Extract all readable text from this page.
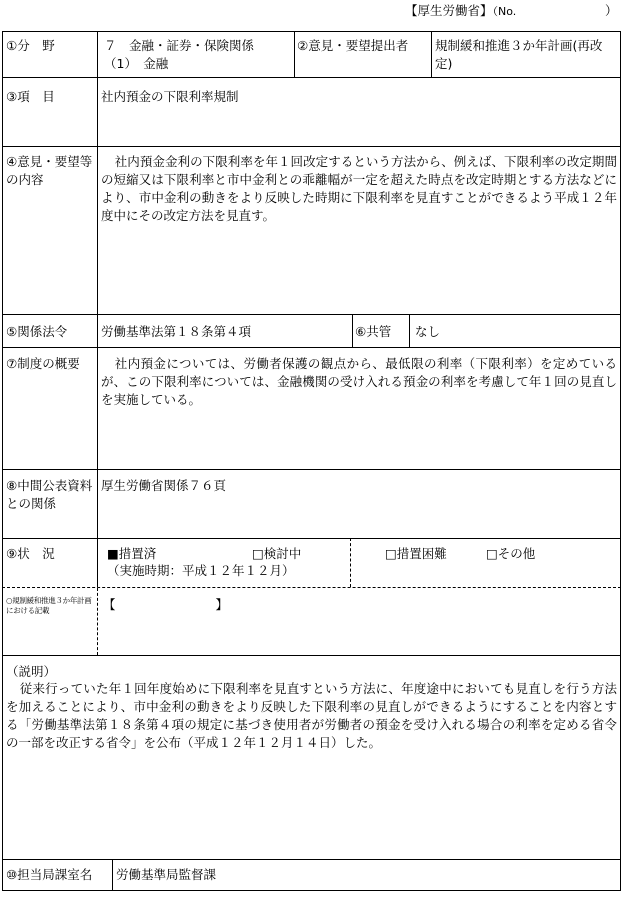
【厚生労働省】（No.	）
①分　野	７　金融・証券・保険関係
（1）　金融
②意見・要望提出者 規制緩和推進３か年計画(再改定)
③項　目	社内預金の下限利率規制
④意見・要望等の内容
社内預金金利の下限利率を年１回改定するという方法から、例えば、下限利率の改定期間の短縮又は下限利率と市中金利との乖離幅が一定を超えた時点を改定時期とする方法などにより、市中金利の動きをより反映した時期に下限利率を見直すことができるよう平成１２年度中にその改定方法を見直す。
⑤関係法令	労働基準法第１８条第４項	⑥共管 なし
⑦制度の概要	社内預金については、労働者保護の観点から、最低限の利率（下限利率）を定めているが、この下限利率については、金融機関の受け入れる預金の利率を考慮して年１回の見直しを実施している。
⑧中間公表資料との関係
厚生労働省関係７６頁
⑨状　況	■措置済
（実施時期：平成１２年１２月）
□検討中	□措置困難	□その他
○規制緩和推進３か年計画における記載	【　　　　　　　　】
（説明）
従来行っていた年１回年度始めに下限利率を見直すという方法に、年度途中においても見直しを行う方法を加えることにより、市中金利の動きをより反映した下限利率の見直しができるようにすることを内容とする「労働基準法第１８条第４項の規定に基づき使用者が労働者の預金を受け入れる場合の利率を定める省令の一部を改正する省令」を公布（平成１２年１２月１４日）した。
⑩担当局課室名 労働基準局監督課
